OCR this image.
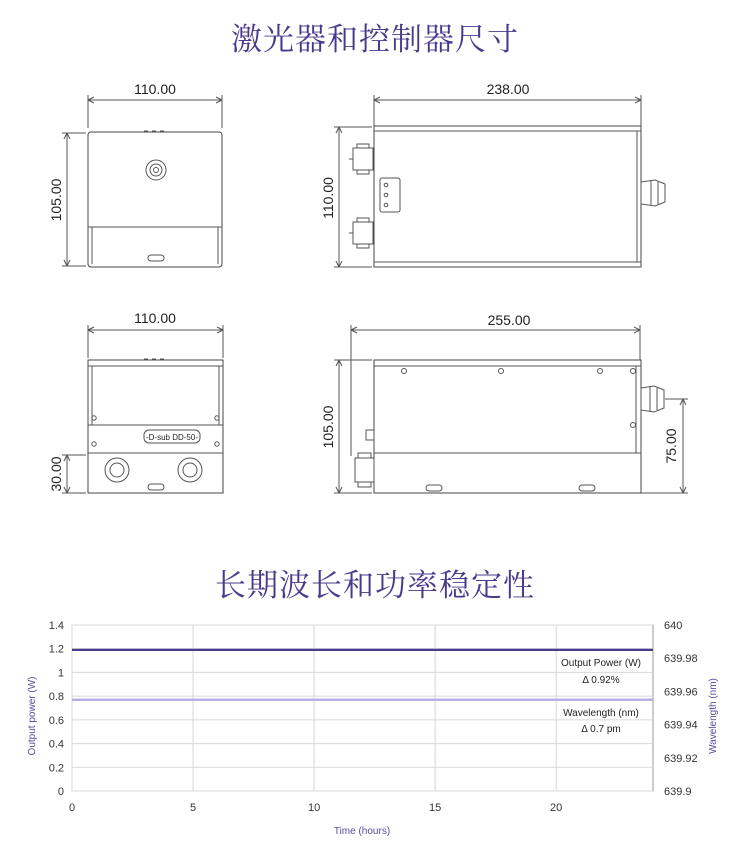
激光器和控制器尺寸
长期波长和功率稳定性
110.00
105.00
238.00
110.00
110.00
30.00
255.00
105.00	75.00
-D-sub DD-50-
0
0.2
0.4
0.6
0.8
1
1.2
1.4
0	5	10	15	20
639.9
639.92
639.94
639.96
639.98
640
Time (hours)
Output power (W)	Wavelength (nm)
Output Power (W)
Δ 0.92%
Wavelength (nm)
Δ 0.7 pm
